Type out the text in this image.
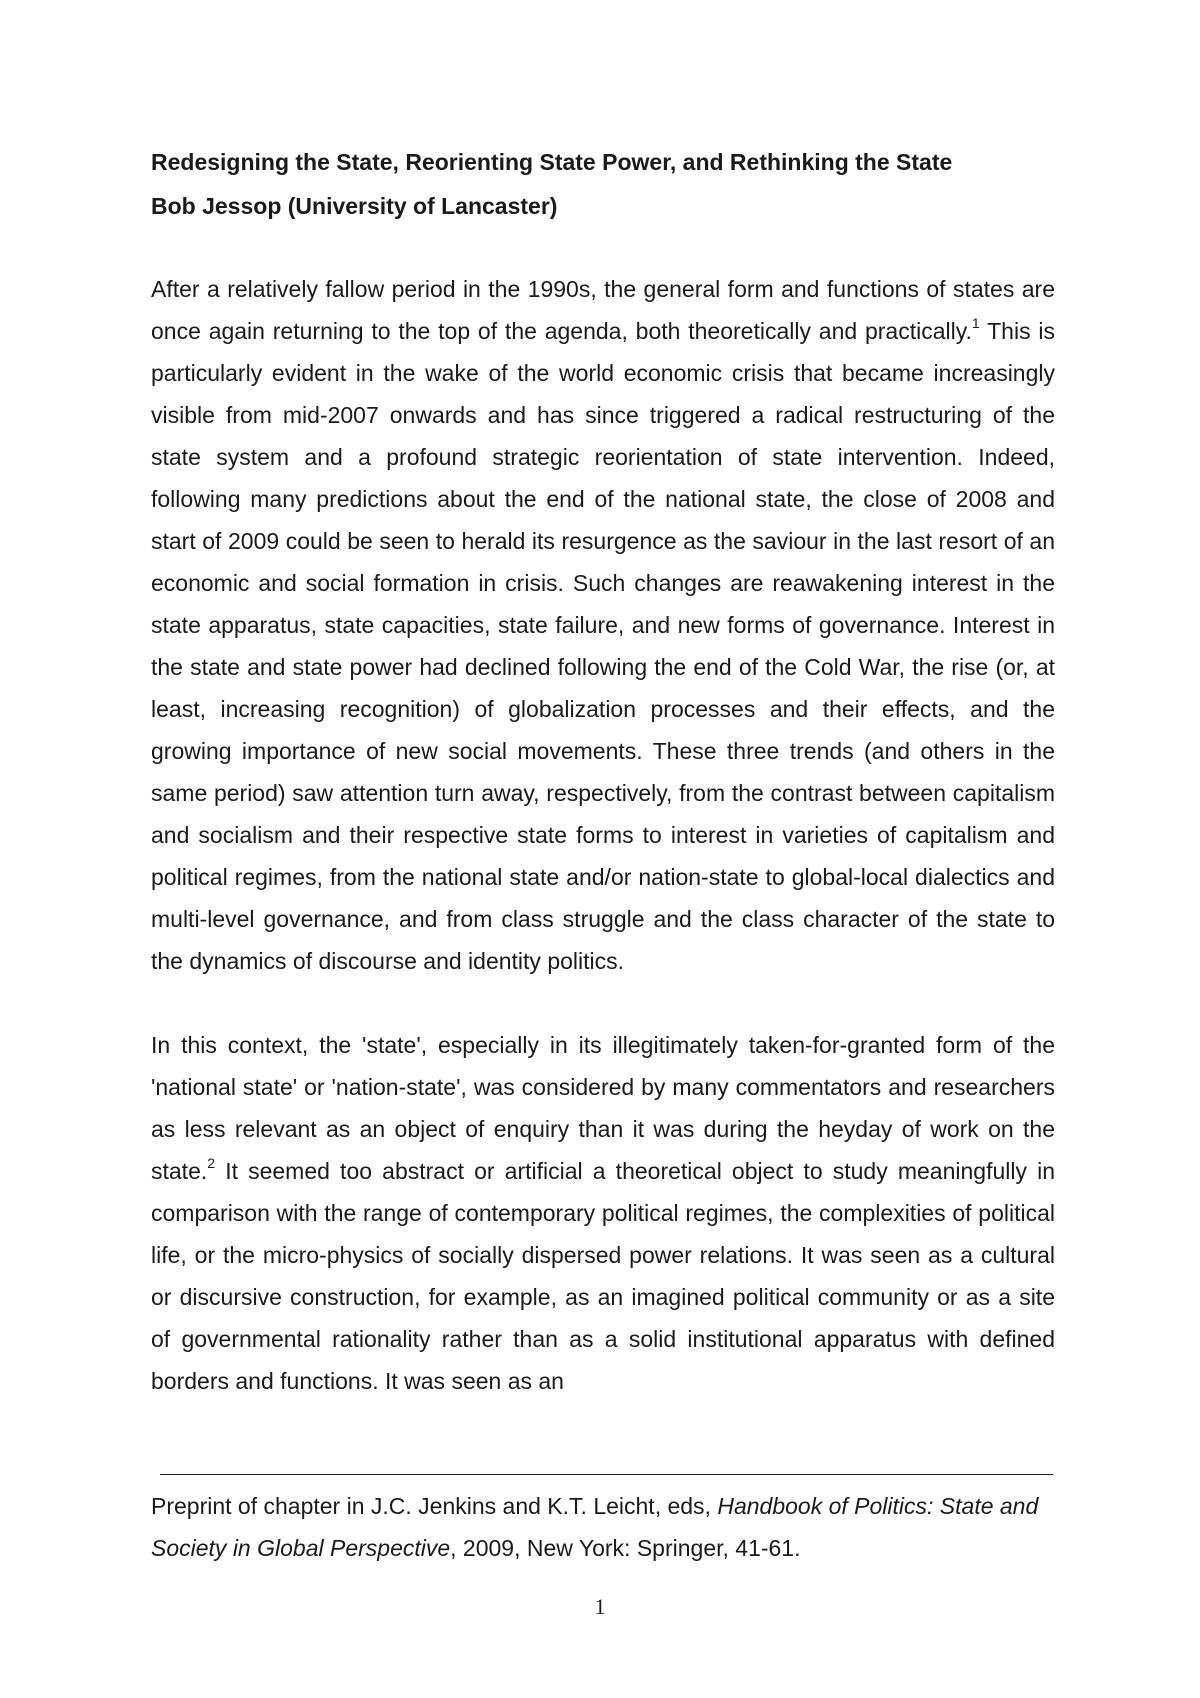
Redesigning the State, Reorienting State Power, and Rethinking the State

Bob Jessop (University of Lancaster)

After a relatively fallow period in the 1990s, the general form and functions of states are once again returning to the top of the agenda, both theoretically and practically.$^1$ This is particularly evident in the wake of the world economic crisis that became increasingly visible from mid-2007 onwards and has since triggered a radical restructuring of the state system and a profound strategic reorientation of state intervention. Indeed, following many predictions about the end of the national state, the close of 2008 and start of 2009 could be seen to herald its resurgence as the saviour in the last resort of an economic and social formation in crisis. Such changes are reawakening interest in the state apparatus, state capacities, state failure, and new forms of governance. Interest in the state and state power had declined following the end of the Cold War, the rise (or, at least, increasing recognition) of globalization processes and their effects, and the growing importance of new social movements. These three trends (and others in the same period) saw attention turn away, respectively, from the contrast between capitalism and socialism and their respective state forms to interest in varieties of capitalism and political regimes, from the national state and/or nation-state to global-local dialectics and multi-level governance, and from class struggle and the class character of the state to the dynamics of discourse and identity politics.

In this context, the 'state', especially in its illegitimately taken-for-granted form of the 'national state' or 'nation-state', was considered by many commentators and researchers as less relevant as an object of enquiry than it was during the heyday of work on the state.$^2$ It seemed too abstract or artificial a theoretical object to study meaningfully in comparison with the range of contemporary political regimes, the complexities of political life, or the micro-physics of socially dispersed power relations. It was seen as a cultural or discursive construction, for example, as an imagined political community or as a site of governmental rationality rather than as a solid institutional apparatus with defined borders and functions. It was seen as an

Preprint of chapter in J.C. Jenkins and K.T. Leicht, eds, Handbook of Politics: State and Society in Global Perspective, 2009, New York: Springer, 41-61.

1
